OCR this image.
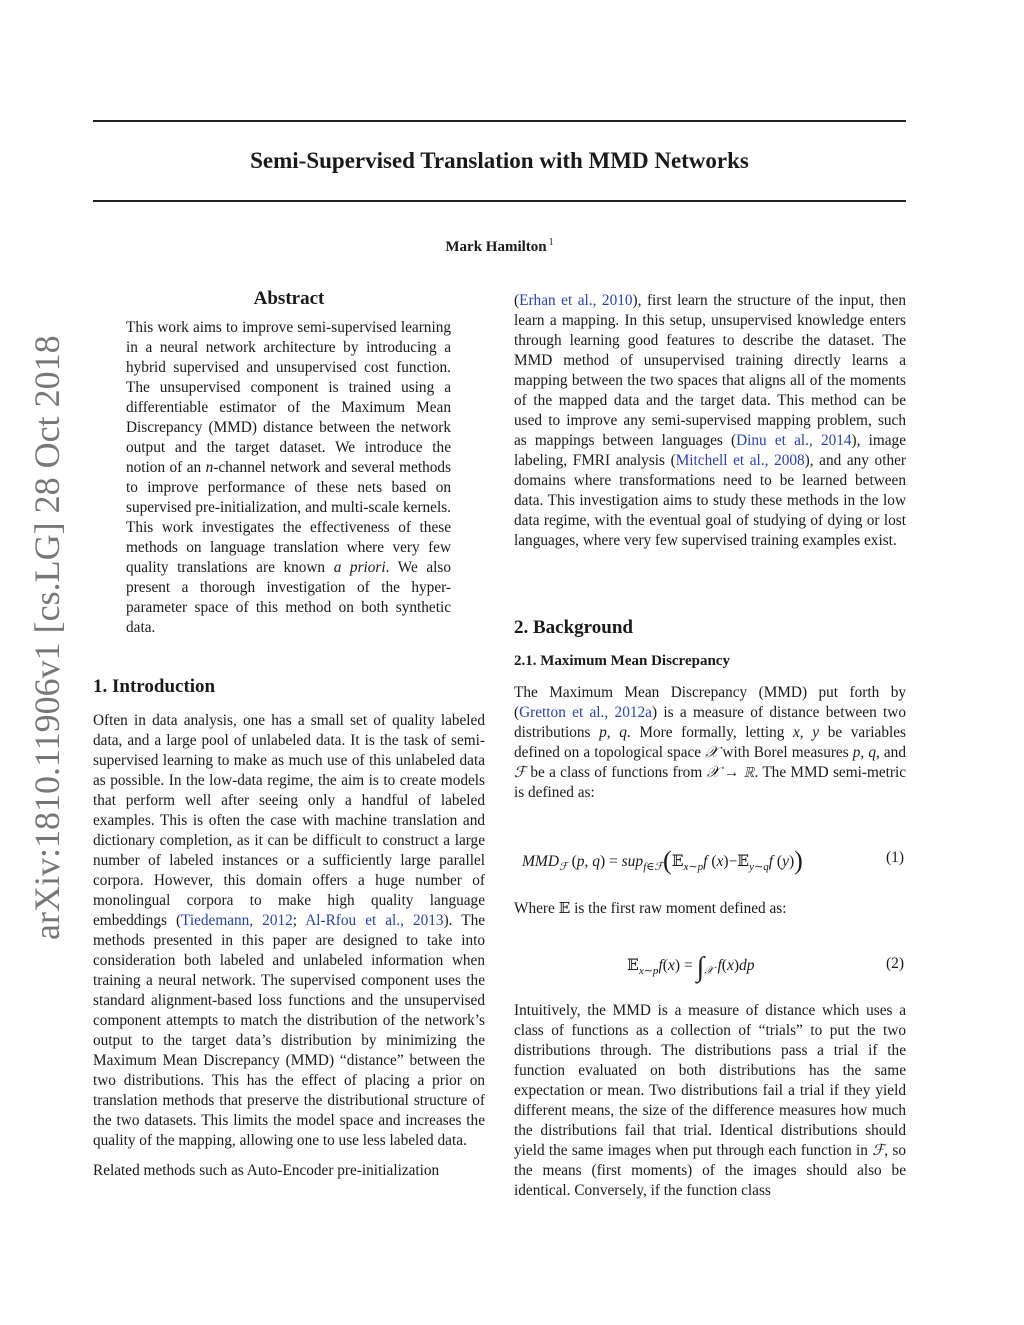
Semi-Supervised Translation with MMD Networks
Mark Hamilton $^1$
arXiv:1810.11906v1 [cs.LG] 28 Oct 2018
Abstract
This work aims to improve semi-supervised learning in a neural network architecture by introducing a hybrid supervised and unsupervised cost function. The unsupervised component is trained using a differentiable estimator of the Maximum Mean Discrepancy (MMD) distance between the network output and the target dataset. We introduce the notion of an n-channel network and several methods to improve performance of these nets based on supervised pre-initialization, and multi-scale kernels. This work investigates the effectiveness of these methods on language translation where very few quality translations are known a priori. We also present a thorough investigation of the hyper-parameter space of this method on both synthetic data.
1. Introduction

Often in data analysis, one has a small set of quality labeled data, and a large pool of unlabeled data. It is the task of semi-supervised learning to make as much use of this unlabeled data as possible. In the low-data regime, the aim is to create models that perform well after seeing only a handful of labeled examples. This is often the case with machine translation and dictionary completion, as it can be difficult to construct a large number of labeled instances or a sufficiently large parallel corpora. However, this domain offers a huge number of monolingual corpora to make high quality language embeddings (Tiedemann, 2012; Al-Rfou et al., 2013). The methods presented in this paper are designed to take into consideration both labeled and unlabeled information when training a neural network. The supervised component uses the standard alignment-based loss functions and the unsupervised component attempts to match the distribution of the network’s output to the target data’s distribution by minimizing the Maximum Mean Discrepancy (MMD) “distance” between the two distributions. This has the effect of placing a prior on translation methods that preserve the distributional structure of the two datasets. This limits the model space and increases the quality of the mapping, allowing one to use less labeled data.

Related methods such as Auto-Encoder pre-initialization

(Erhan et al., 2010), first learn the structure of the input, then learn a mapping. In this setup, unsupervised knowledge enters through learning good features to describe the dataset. The MMD method of unsupervised training directly learns a mapping between the two spaces that aligns all of the moments of the mapped data and the target data. This method can be used to improve any semi-supervised mapping problem, such as mappings between languages (Dinu et al., 2014), image labeling, FMRI analysis (Mitchell et al., 2008), and any other domains where transformations need to be learned between data. This investigation aims to study these methods in the low data regime, with the eventual goal of studying of dying or lost languages, where very few supervised training examples exist.

2. Background
2.1. Maximum Mean Discrepancy

The Maximum Mean Discrepancy (MMD) put forth by (Gretton et al., 2012a) is a measure of distance between two distributions p, q. More formally, letting x, y be variables defined on a topological space 𝒳 with Borel measures p, q, and ℱ be a class of functions from 𝒳 → ℝ. The MMD semi-metric is defined as:

$MMD_ℱ$ (p, q) = sup$_{f\in ℱ}$(𝔼$_{x\sim p}$f (x)−𝔼$_{y\sim q}$f (y))	(1)

Where 𝔼 is the first raw moment defined as:

𝔼$_{x\sim p}$f(x) = $\int_𝒳$ f(x)dp	(2)

Intuitively, the MMD is a measure of distance which uses a class of functions as a collection of “trials” to put the two distributions through. The distributions pass a trial if the function evaluated on both distributions has the same expectation or mean. Two distributions fail a trial if they yield different means, the size of the difference measures how much the distributions fail that trial. Identical distributions should yield the same images when put through each function in ℱ, so the means (first moments) of the images should also be identical. Conversely, if the function class
